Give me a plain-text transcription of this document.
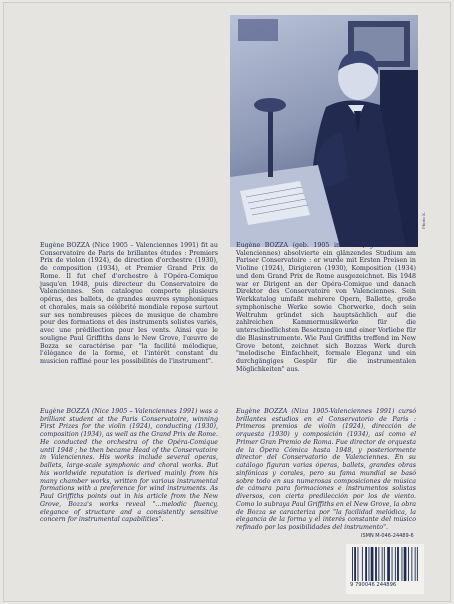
Photo X.

Eugène BOZZA (Nice 1905 – Valenciennes 1991) fit au Conservatoire de Paris de brillantes études : Premiers Prix de violon (1924), de direction d'orchestre (1930), de composition (1934), et Premier Grand Prix de Rome. Il fut chef d'orchestre à l'Opéra-Comique jusqu'en 1948, puis directeur du Conservatoire de Valenciennes. Son catalogue comporte plusieurs opéras, des ballets, de grandes œuvres symphoniques et chorales, mais sa célébrité mondiale repose surtout sur ses nombreuses pièces de musique de chambre pour des formations et des instruments solistes variés, avec une prédilection pour les vents. Ainsi que le souligne Paul Griffiths dans le New Grove, l'œuvre de Bozza se caractérise par "la facilité mélodique, l'élégance de la forme, et l'intérêt constant du musicien raffiné pour les possibilités de l'instrument".

Eugène BOZZA (geb. 1905 in Nizza, gest. 1991 in Valenciennes) absolvierte ein glänzendes Studium am Pariser Conservatoire : er wurde mit Ersten Preisen in Violine (1924), Dirigieren (1930), Komposition (1934) und dem Grand Prix de Rome ausgezeichnet. Bis 1948 war er Dirigent an der Opéra-Comique und danach Direktor des Conservatoire von Valenciennes. Sein Werkkatalog umfaßt mehrere Opern, Ballette, große symphonische Werke sowie Chorwerke, doch sein Weltruhm gründet sich hauptsächlich auf die zahlreichen Kammermusikwerke für die unterschiedlichsten Besetzungen und einer Vorliebe für die Blasinstrumente. Wie Paul Griffiths treffend im New Grove betont, zeichnet sich Bozzas Werk durch "melodische Einfachheit, formale Eleganz und ein durchgängiges Gespür für die instrumentalen Möglichkeiten" aus.

Eugène BOZZA (Nice 1905 – Valenciennes 1991) was a brilliant student at the Paris Conservatoire, winning First Prizes for the violin (1924), conducting (1930), composition (1934), as well as the Grand Prix de Rome. He conducted the orchestra of the Opéra-Comique until 1948 ; he then became Head of the Conservatoire in Valenciennes. His works include several operas, ballets, large-scale symphonic and choral works. But his worldwide reputation is derived mainly from his many chamber works, written for various instrumental formations with a preference for wind instruments. As Paul Griffiths points out in his article from the New Grove, Bozza's works reveal "...melodic fluency, elegance of structure and a consistently sensitive concern for instrumental capabilities".

Eugène BOZZA (Niza 1905-Valenciennes 1991) cursó brillantes estudios en el Conservatorio de Paris : Primeros premios de violín (1924), dirección de orquesta (1930) y composición (1934), así como el Primer Gran Premio de Roma. Fue director de orquesta de la Ópera Cómica hasta 1948, y posteriormente director del Conservatorio de Valenciennes. En su catálogo figuran varias óperas, ballets, grandes obras sinfónicas y corales, pero su fama mundial se basó sobre todo en sus numerosas composiciones de música de cámara para formaciones e instrumentos solistas diversos, con cierta predilección por los de viento. Como lo subraya Paul Griffiths en el New Grove, la obra de Bozza se caracteriza por "la facilidad melódica, la elegancia de la forma y el interés constante del músico refinado por las posibilidades del instrumento".

ISMN M-046-24489-6
9 790046 244896
